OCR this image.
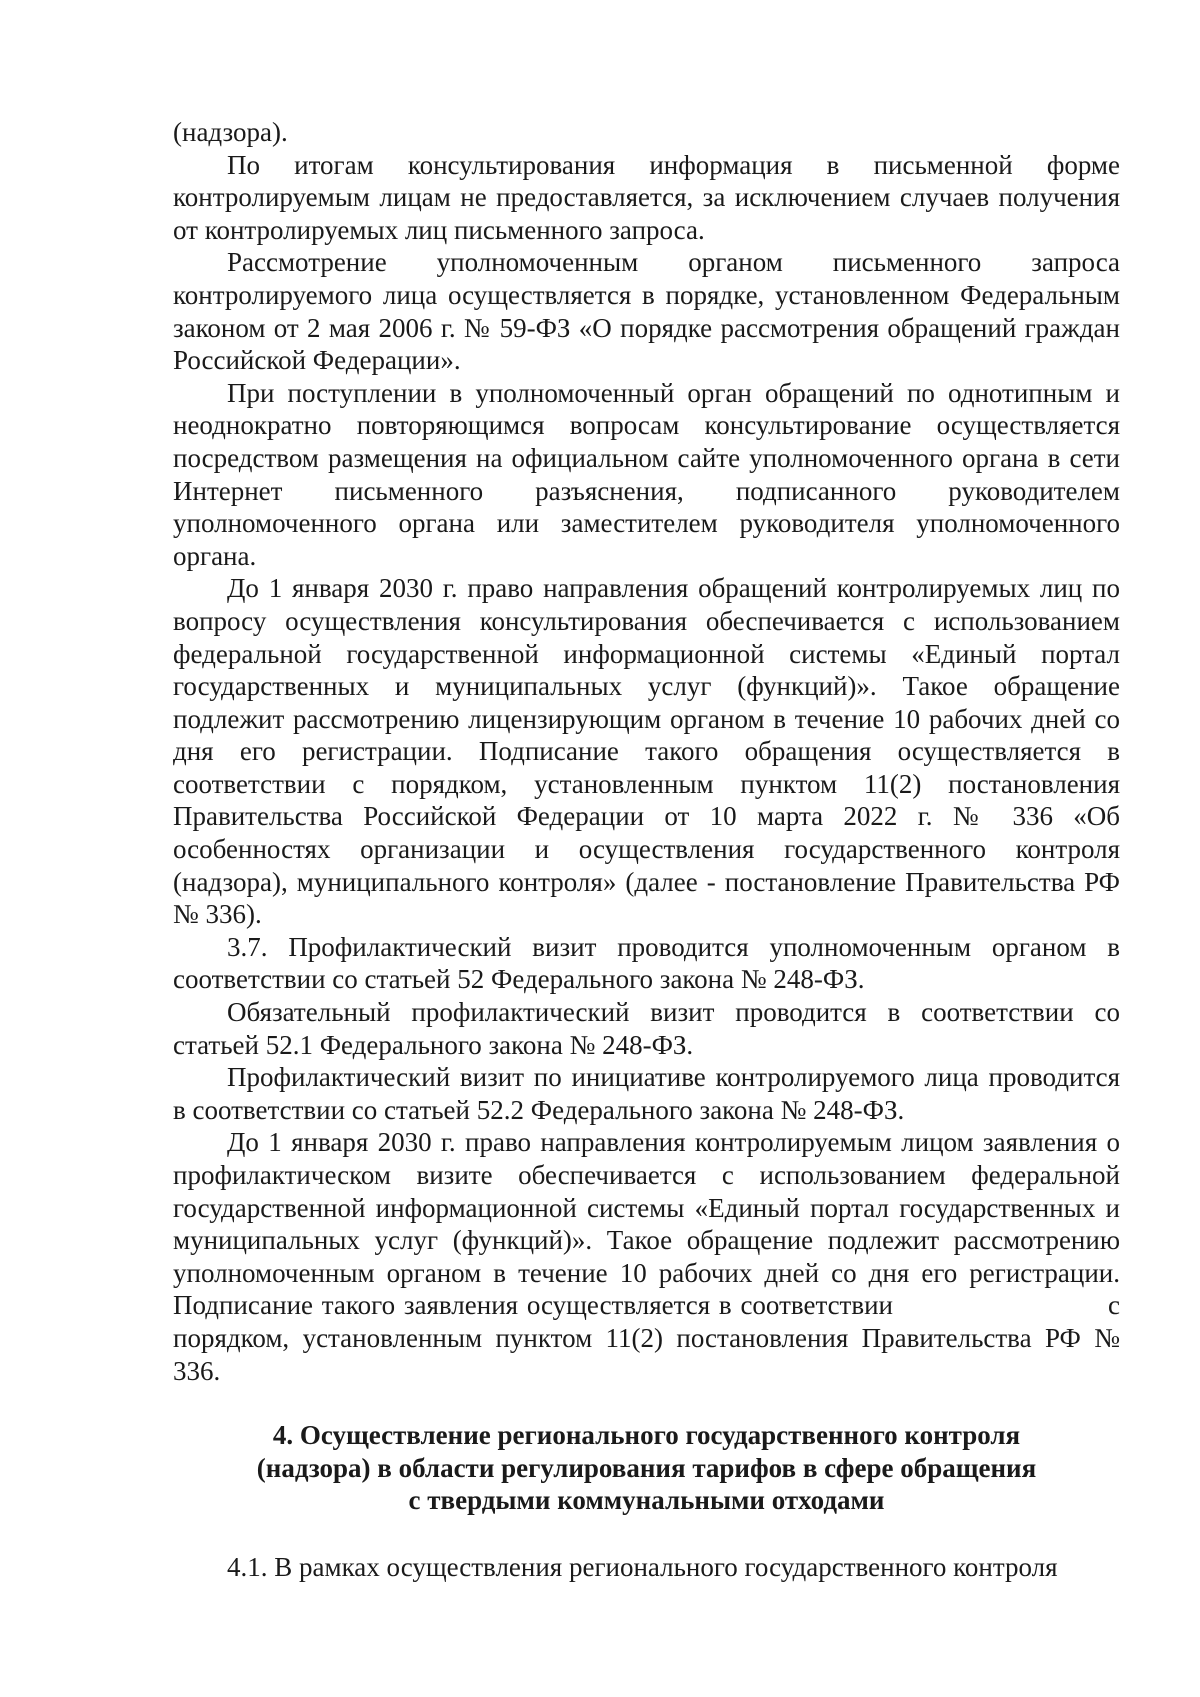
(надзора).

По итогам консультирования информация в письменной форме контролируемым лицам не предоставляется, за исключением случаев получения от контролируемых лиц письменного запроса.

Рассмотрение уполномоченным органом письменного запроса контролируемого лица осуществляется в порядке, установленном Федеральным законом от 2 мая 2006 г. № 59-ФЗ «О порядке рассмотрения обращений граждан Российской Федерации».

При поступлении в уполномоченный орган обращений по однотипным и неоднократно повторяющимся вопросам консультирование осуществляется посредством размещения на официальном сайте уполномоченного органа в сети Интернет письменного разъяснения, подписанного руководителем уполномоченного органа или заместителем руководителя уполномоченного органа.

До 1 января 2030 г. право направления обращений контролируемых лиц по вопросу осуществления консультирования обеспечивается с использованием федеральной государственной информационной системы «Единый портал государственных и муниципальных услуг (функций)». Такое обращение подлежит рассмотрению лицензирующим органом в течение 10 рабочих дней со дня его регистрации. Подписание такого обращения осуществляется в соответствии с порядком, установленным пунктом 11(2) постановления Правительства Российской Федерации от 10 марта 2022 г. № 336 «Об особенностях организации и осуществления государственного контроля (надзора), муниципального контроля» (далее - постановление Правительства РФ № 336).

3.7. Профилактический визит проводится уполномоченным органом в соответствии со статьей 52 Федерального закона № 248-ФЗ.

Обязательный профилактический визит проводится в соответствии со статьей 52.1 Федерального закона № 248-ФЗ.

Профилактический визит по инициативе контролируемого лица проводится в соответствии со статьей 52.2 Федерального закона № 248-ФЗ.

До 1 января 2030 г. право направления контролируемым лицом заявления о профилактическом визите обеспечивается с использованием федеральной государственной информационной системы «Единый портал государственных и муниципальных услуг (функций)». Такое обращение подлежит рассмотрению уполномоченным органом в течение 10 рабочих дней со дня его регистрации. Подписание такого заявления осуществляется в соответствии	с порядком, установленным пунктом 11(2) постановления Правительства РФ № 336.

4. Осуществление регионального государственного контроля

(надзора) в области регулирования тарифов в сфере обращения

с твердыми коммунальными отходами

4.1. В рамках осуществления регионального государственного контроля
